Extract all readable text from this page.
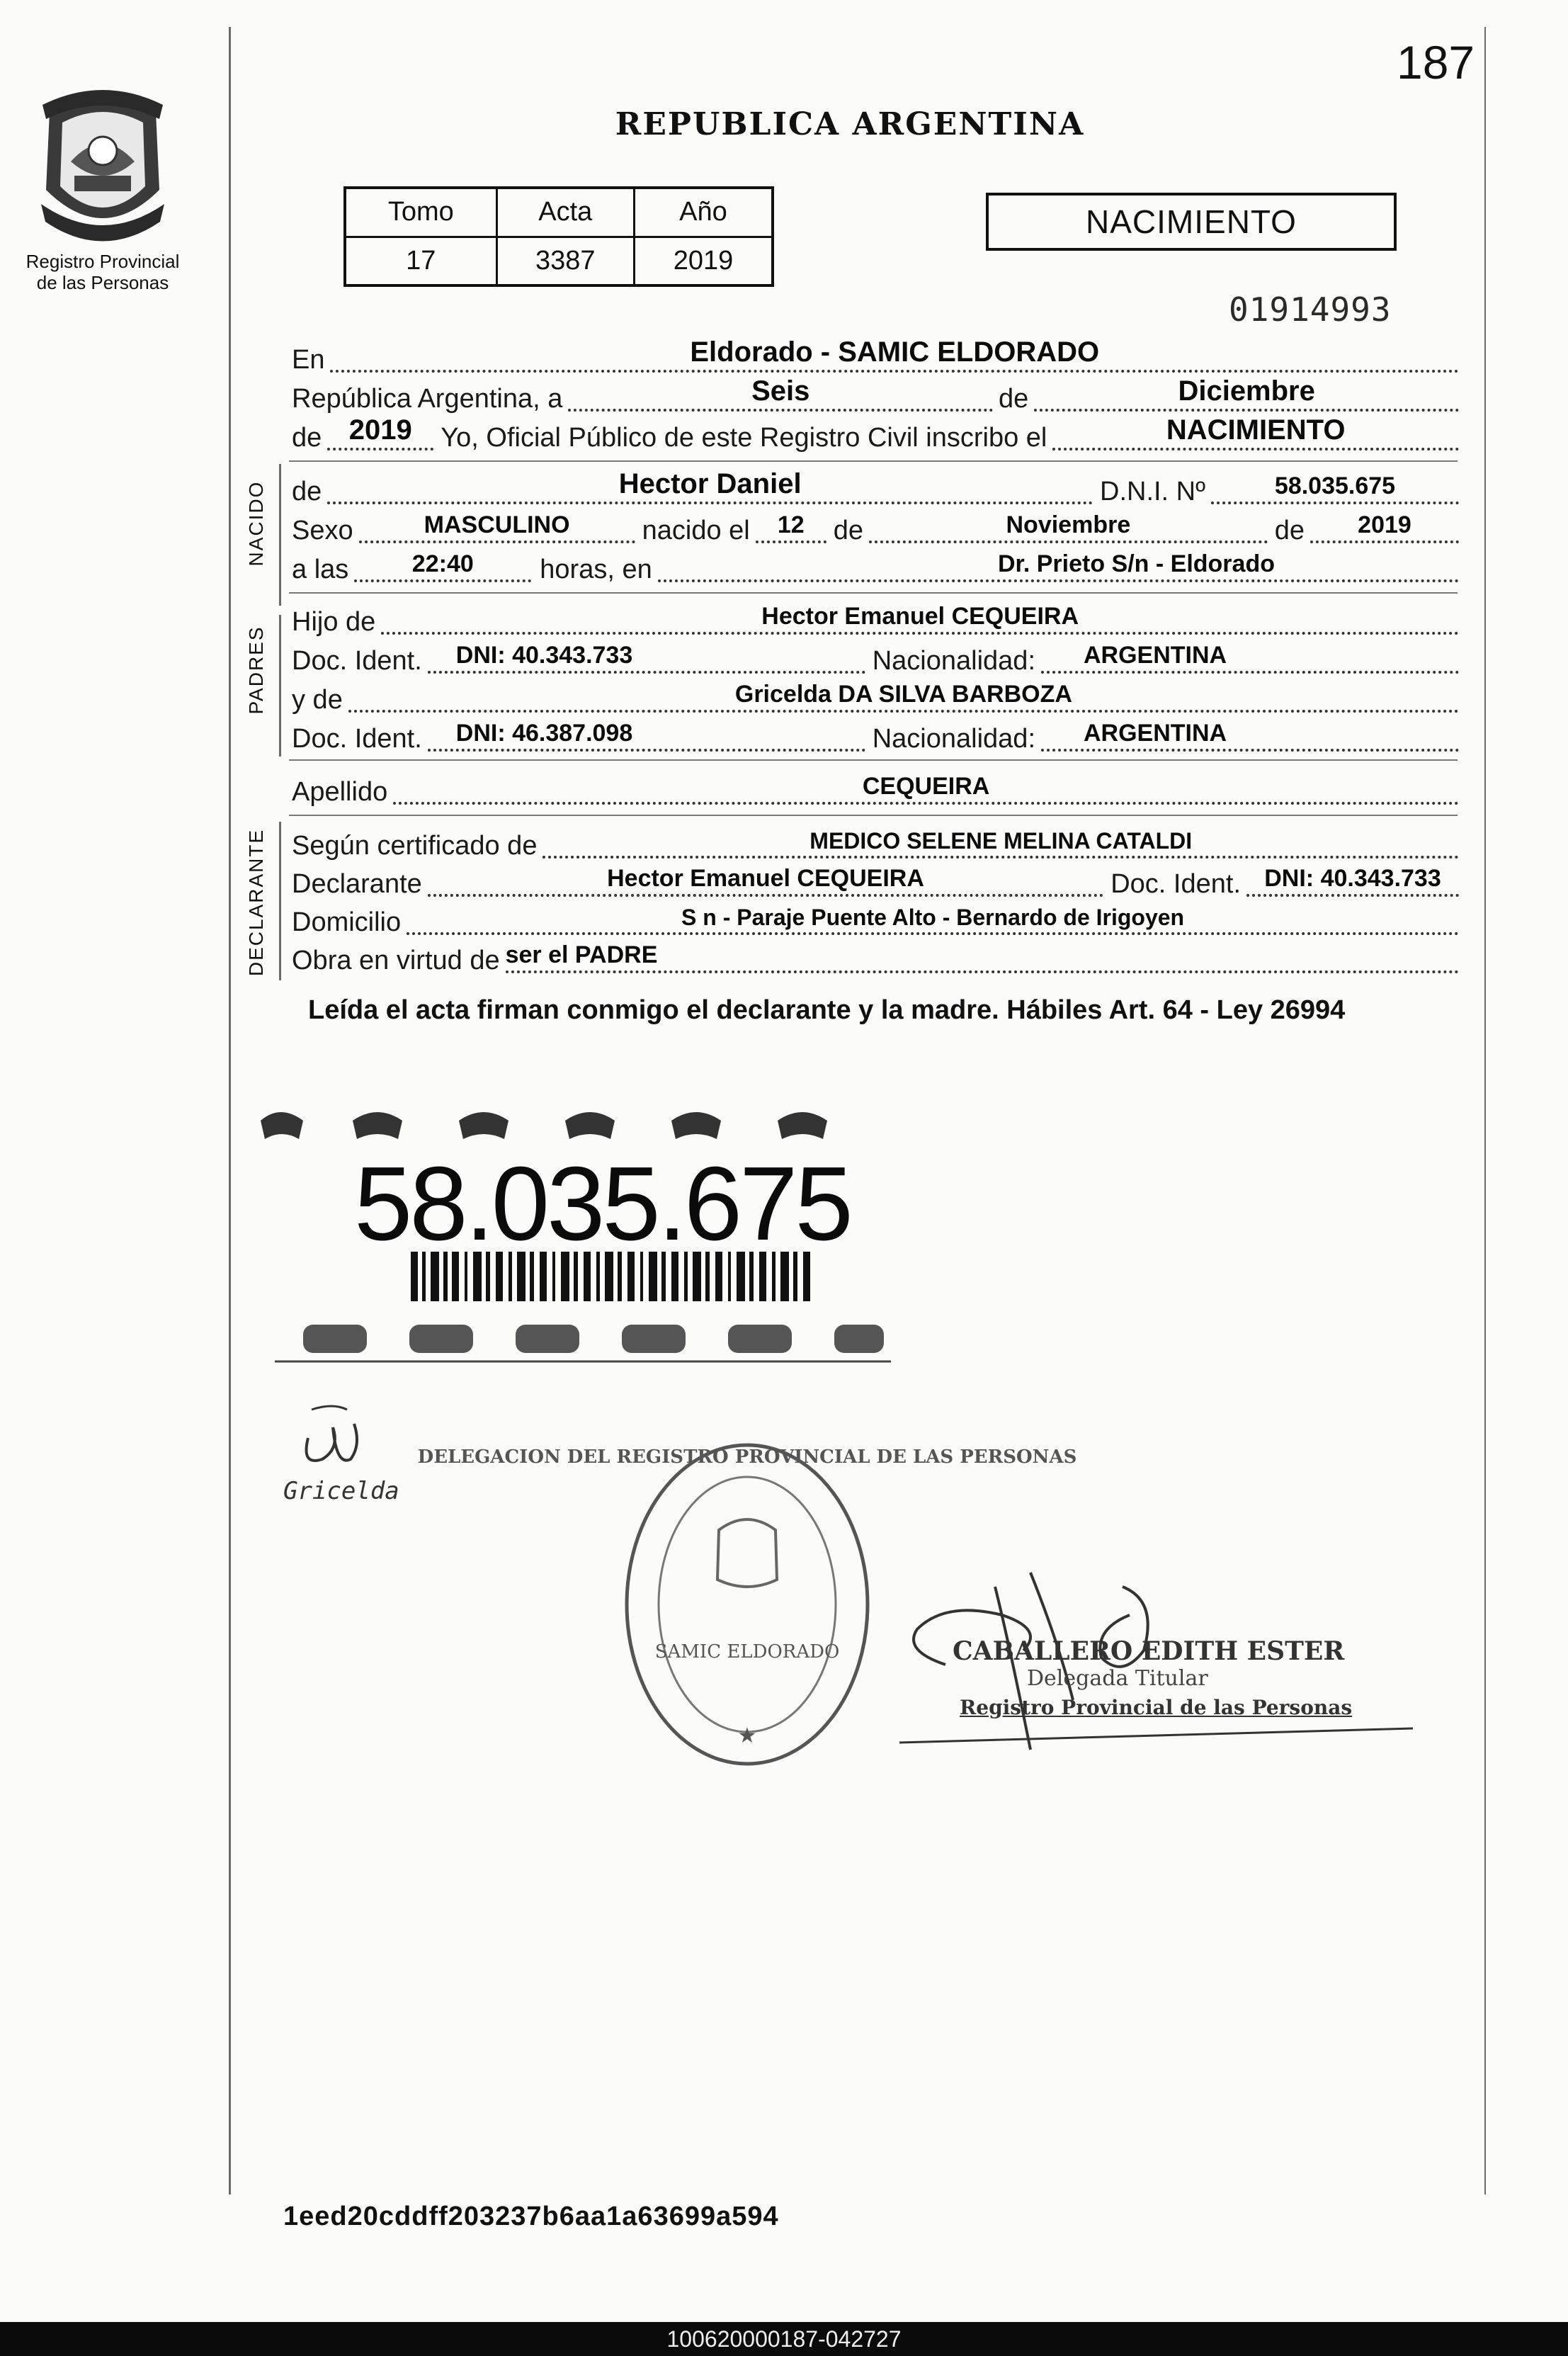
Registro Provincial
de las Personas
187
REPUBLICA ARGENTINA
Tomo	Acta	Año
17	3387	2019
NACIMIENTO
01914993
En	Eldorado - SAMIC ELDORADO
República Argentina, a	Seis	de	Diciembre
de 2019	Yo, Oficial Público de este Registro Civil inscribo el	NACIMIENTO
NACIDO de	Hector Daniel	D.N.I. Nº	58.035.675
Sexo	MASCULINO	nacido el	12	de	Noviembre	de	2019
a las	22:40	horas, en	Dr. Prieto S/n - Eldorado
PADRES
Hijo de	Hector Emanuel CEQUEIRA
Doc. Ident.	DNI: 40.343.733	Nacionalidad:	ARGENTINA
y de	Gricelda DA SILVA BARBOZA
Doc. Ident.	DNI: 46.387.098	Nacionalidad:	ARGENTINA
Apellido	CEQUEIRA
DECLARANTE Según certificado de	MEDICO SELENE MELINA CATALDI
Declarante	Hector Emanuel CEQUEIRA	Doc. Ident. DNI: 40.343.733
Domicilio	S n - Paraje Puente Alto - Bernardo de Irigoyen
Obra en virtud de ser el PADRE
Leída el acta firman conmigo el declarante y la madre. Hábiles Art. 64 - Ley 26994
58.035.675
Gricelda
DELEGACION DEL REGISTRO PROVINCIAL DE LAS PERSONAS
SAMIC ELDORADO
★
CABALLERO EDITH ESTER
Delegada Titular
Registro Provincial de las Personas
1eed20cddff203237b6aa1a63699a594
100620000187-042727
